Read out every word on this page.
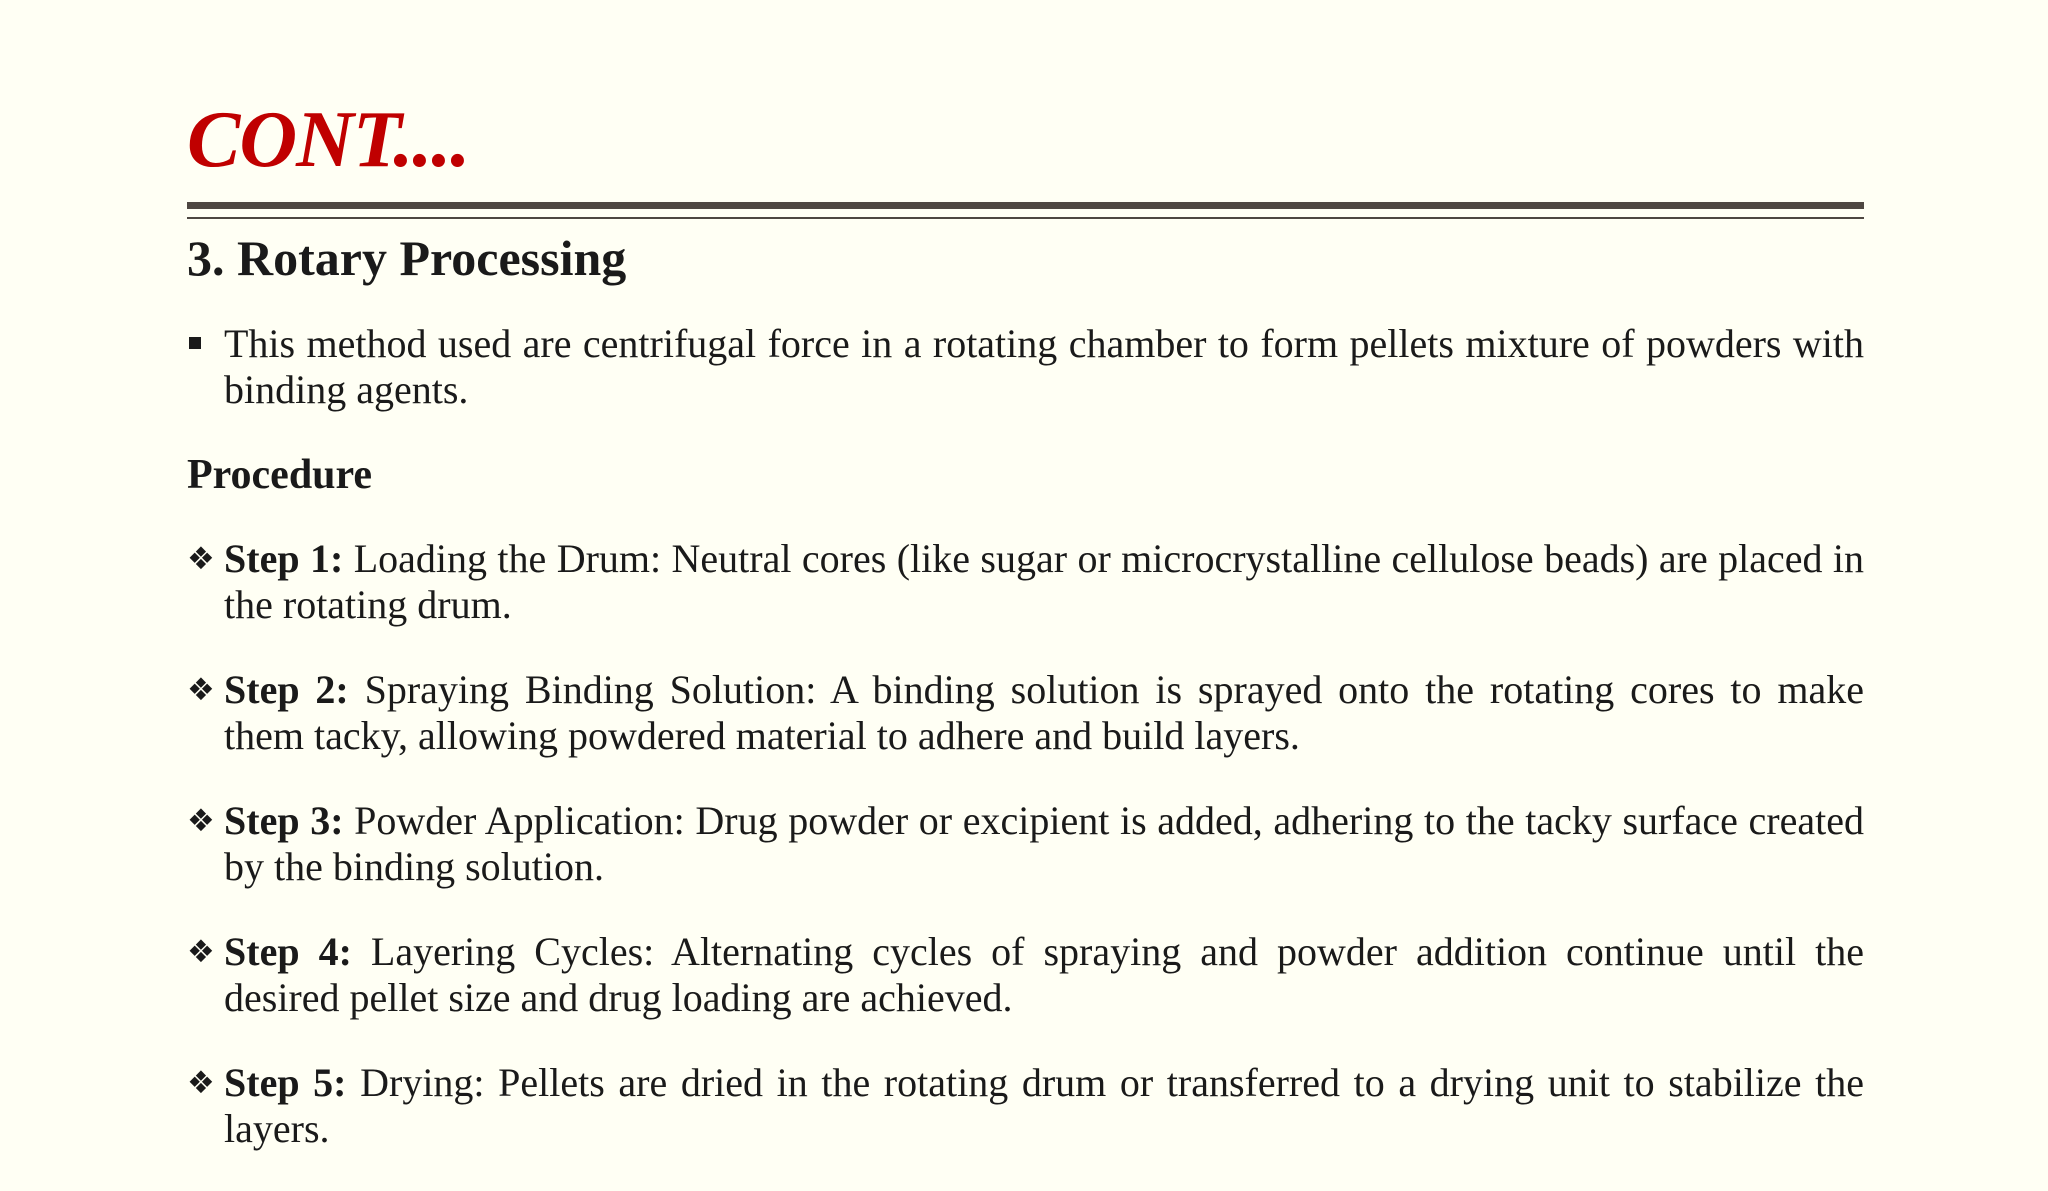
CONT....
3. Rotary Processing
This method used are centrifugal force in a rotating chamber to form pellets mixture of powders with binding agents.
Procedure
❖ Step 1: Loading the Drum: Neutral cores (like sugar or microcrystalline cellulose beads) are placed in the rotating drum.
❖ Step 2: Spraying Binding Solution: A binding solution is sprayed onto the rotating cores to make them tacky, allowing powdered material to adhere and build layers.
❖ Step 3: Powder Application: Drug powder or excipient is added, adhering to the tacky surface created by the binding solution.
❖ Step 4: Layering Cycles: Alternating cycles of spraying and powder addition continue until the desired pellet size and drug loading are achieved.
❖ Step 5: Drying: Pellets are dried in the rotating drum or transferred to a drying unit to stabilize the layers.
